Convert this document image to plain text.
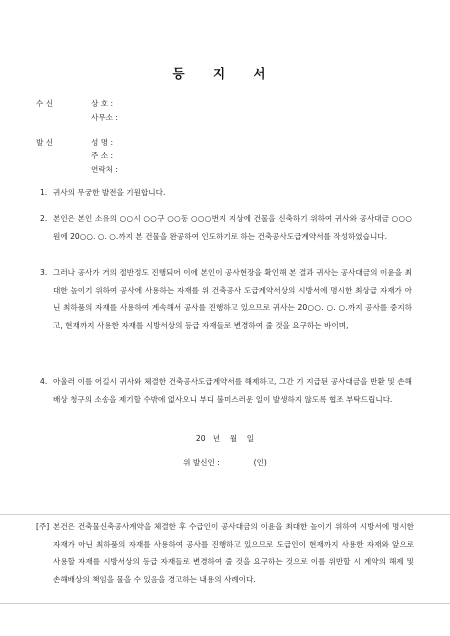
등 지 서
수 신	상 호 :
사무소 :
발 신	성 명 :
주 소 :
연락처 :
1. 귀사의 무궁한 발전을 기원합니다.
2. 본인은 본인 소유의 ○○시 ○○구 ○○동 ○○○번지 지상에 건물을 신축하기 위하여 귀사와 공사대금 ○○○원에 20○○. ○. ○.까지 본 건물을 완공하여 인도하기로 하는 건축공사도급계약서를 작성하였습니다.
3. 그러나 공사가 거의 절반정도 진행되어 이에 본인이 공사현장을 확인해 본 결과 귀사는 공사대금의 이윤을 최대한 높이기 위하여 공사에 사용하는 자재를 위 건축공사 도급계약서상의 시방서에 명시한 최상급 자재가 아닌 최하품의 자재를 사용하여 계속해서 공사를 진행하고 있으므로 귀사는 20○○. ○. ○.까지 공사를 중지하고, 현재까지 사용한 자재를 시방서상의 등급 자재들로 변경하여 줄 것을 요구하는 바이며,
4. 아울러 이를 어길시 귀사와 체결한 건축공사도급계약서를 해제하고, 그간 기 지급된 공사대금을 반환 및 손해배상 청구의 소송을 제기할 수밖에 없사오니 부디 불미스러운 일이 발생하지 않도록 협조 부탁드립니다.
20   년    월    일
위 발신인 :              (인)
[주] 본건은 건축물신축공사계약을 체결한 후 수급인이 공사대금의 이윤을 최대한 높이기 위하여 시방서에 명시한 자재가 아닌 최하품의 자재를 사용하여 공사를 진행하고 있으므로 도급인이 현재까지 사용한 자재와 앞으로 사용할 자재를 시방서상의 등급 자재들로 변경하여 줄 것을 요구하는 것으로 이를 위반할 시 계약의 해제 및 손해배상의 책임을 물을 수 있음을 경고하는 내용의 사례이다.
